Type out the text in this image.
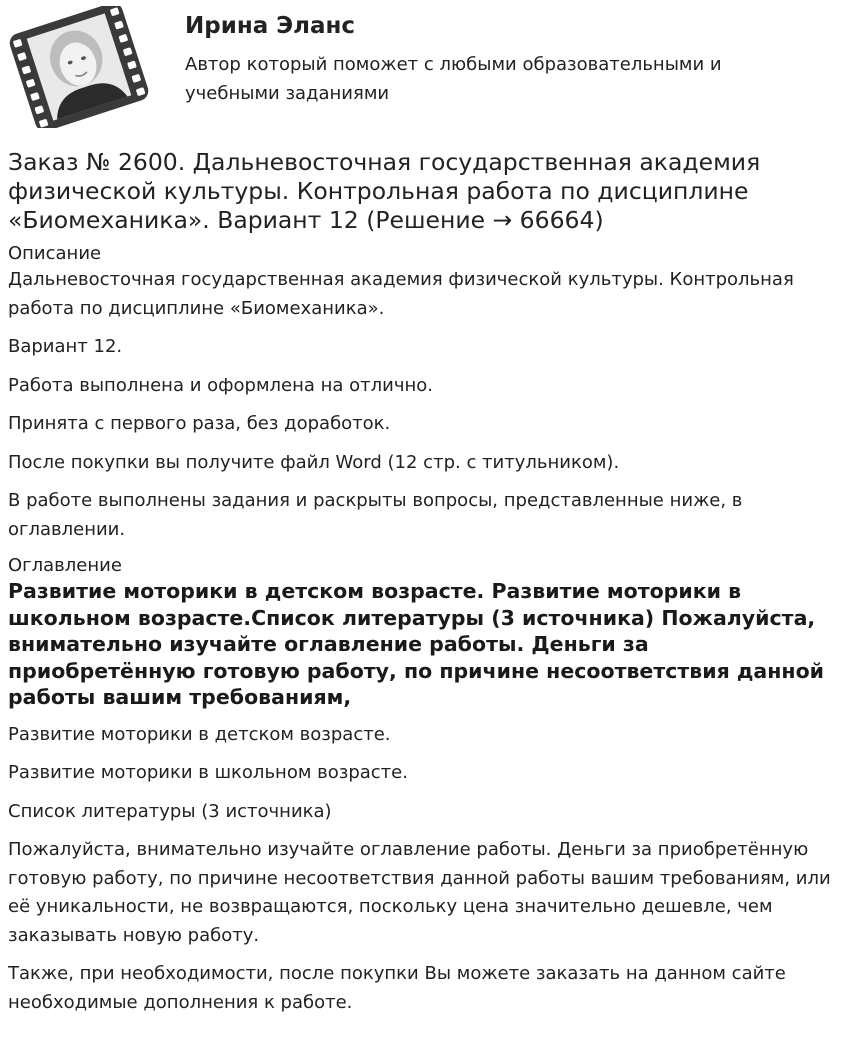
Ирина Эланс

Автор который поможет с любыми образовательными и учебными заданиями

Заказ № 2600. Дальневосточная государственная академия физической культуры. Контрольная работа по дисциплине «Биомеханика». Вариант 12 (Решение → 66664)
Описание

Дальневосточная государственная академия физической культуры. Контрольная работа по дисциплине «Биомеханика».

Вариант 12.

Работа выполнена и оформлена на отлично.

Принята с первого раза, без доработок.

После покупки вы получите файл Word (12 стр. с титульником).

В работе выполнены задания и раскрыты вопросы, представленные ниже, в оглавлении.

Оглавление

Развитие моторики в детском возрасте. Развитие моторики в школьном возрасте.Список литературы (3 источника) Пожалуйста, внимательно изучайте оглавление работы. Деньги за приобретённую готовую работу, по причине несоответствия данной работы вашим требованиям,

Развитие моторики в детском возрасте.

Развитие моторики в школьном возрасте.

Список литературы (3 источника)

Пожалуйста, внимательно изучайте оглавление работы. Деньги за приобретённую готовую работу, по причине несоответствия данной работы вашим требованиям, или её уникальности, не возвращаются, поскольку цена значительно дешевле, чем заказывать новую работу.

Также, при необходимости, после покупки Вы можете заказать на данном сайте необходимые дополнения к работе.
